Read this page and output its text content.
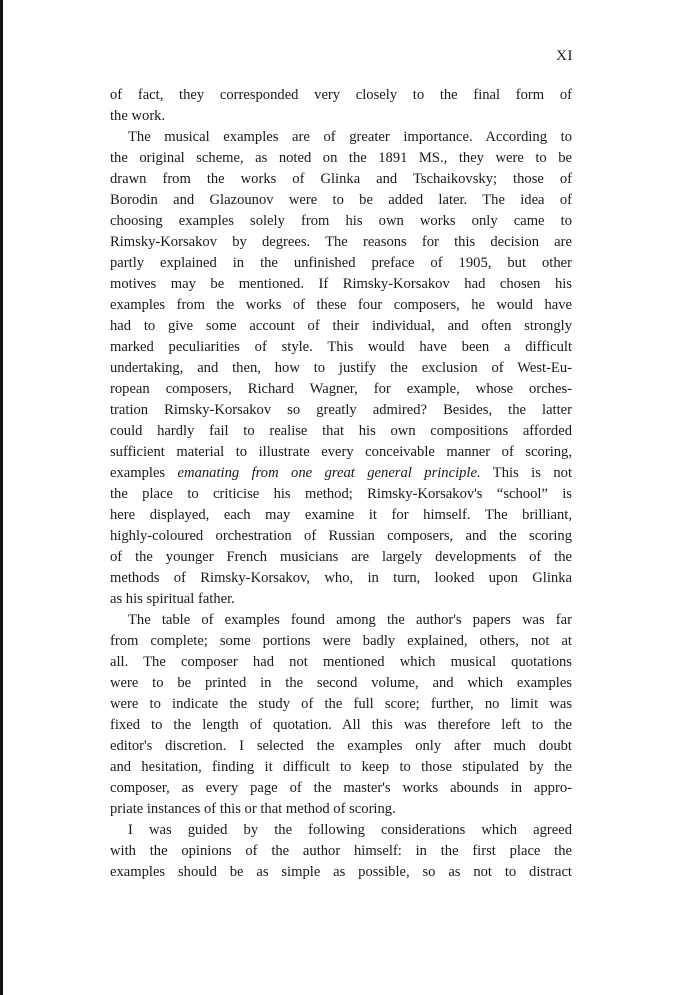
XI
of fact, they corresponded very closely to the final form of
the work.
The musical examples are of greater importance. According to
the original scheme, as noted on the 1891 MS., they were to be
drawn from the works of Glinka and Tschaikovsky; those of
Borodin and Glazounov were to be added later. The idea of
choosing examples solely from his own works only came to
Rimsky-Korsakov by degrees. The reasons for this decision are
partly explained in the unfinished preface of 1905, but other
motives may be mentioned. If Rimsky-Korsakov had chosen his
examples from the works of these four composers, he would have
had to give some account of their individual, and often strongly
marked peculiarities of style. This would have been a difficult
undertaking, and then, how to justify the exclusion of West-Eu-
ropean composers, Richard Wagner, for example, whose orches-
tration Rimsky-Korsakov so greatly admired? Besides, the latter
could hardly fail to realise that his own compositions afforded
sufficient material to illustrate every conceivable manner of scoring,
examples emanating from one great general principle. This is not
the place to criticise his method; Rimsky-Korsakov's “school” is
here displayed, each may examine it for himself. The brilliant,
highly-coloured orchestration of Russian composers, and the scoring
of the younger French musicians are largely developments of the
methods of Rimsky-Korsakov, who, in turn, looked upon Glinka
as his spiritual father.
The table of examples found among the author's papers was far
from complete; some portions were badly explained, others, not at
all. The composer had not mentioned which musical quotations
were to be printed in the second volume, and which examples
were to indicate the study of the full score; further, no limit was
fixed to the length of quotation. All this was therefore left to the
editor's discretion. I selected the examples only after much doubt
and hesitation, finding it difficult to keep to those stipulated by the
composer, as every page of the master's works abounds in appro-
priate instances of this or that method of scoring.
I was guided by the following considerations which agreed
with the opinions of the author himself: in the first place the
examples should be as simple as possible, so as not to distract
